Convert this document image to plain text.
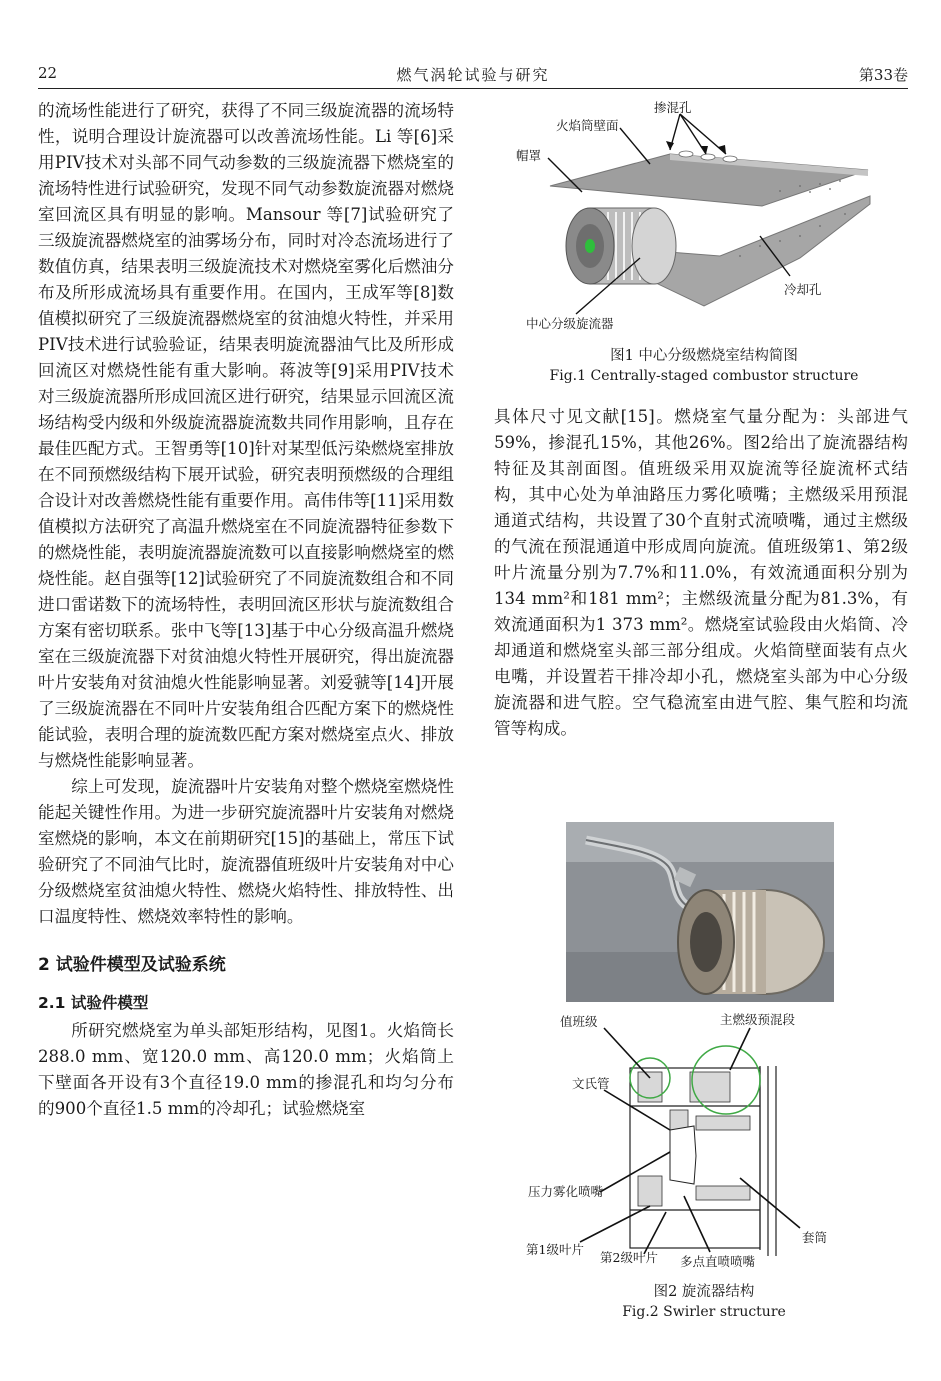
22	燃气涡轮试验与研究	第33卷

的流场性能进行了研究，获得了不同三级旋流器的流场特性，说明合理设计旋流器可以改善流场性能。Li 等[6]采用PIV技术对头部不同气动参数的三级旋流器下燃烧室的流场特性进行试验研究，发现不同气动参数旋流器对燃烧室回流区具有明显的影响。Mansour 等[7]试验研究了三级旋流器燃烧室的油雾场分布，同时对冷态流场进行了数值仿真，结果表明三级旋流技术对燃烧室雾化后燃油分布及所形成流场具有重要作用。在国内，王成军等[8]数值模拟研究了三级旋流器燃烧室的贫油熄火特性，并采用PIV技术进行试验验证，结果表明旋流器油气比及所形成回流区对燃烧性能有重大影响。蒋波等[9]采用PIV技术对三级旋流器所形成回流区进行研究，结果显示回流区流场结构受内级和外级旋流器旋流数共同作用影响，且存在最佳匹配方式。王智勇等[10]针对某型低污染燃烧室排放在不同预燃级结构下展开试验，研究表明预燃级的合理组合设计对改善燃烧性能有重要作用。高伟伟等[11]采用数值模拟方法研究了高温升燃烧室在不同旋流器特征参数下的燃烧性能，表明旋流器旋流数可以直接影响燃烧室的燃烧性能。赵自强等[12]试验研究了不同旋流数组合和不同进口雷诺数下的流场特性，表明回流区形状与旋流数组合方案有密切联系。张中飞等[13]基于中心分级高温升燃烧室在三级旋流器下对贫油熄火特性开展研究，得出旋流器叶片安装角对贫油熄火性能影响显著。刘爱虢等[14]开展了三级旋流器在不同叶片安装角组合匹配方案下的燃烧性能试验，表明合理的旋流数匹配方案对燃烧室点火、排放与燃烧性能影响显著。

综上可发现，旋流器叶片安装角对整个燃烧室燃烧性能起关键性作用。为进一步研究旋流器叶片安装角对燃烧室燃烧的影响，本文在前期研究[15]的基础上，常压下试验研究了不同油气比时，旋流器值班级叶片安装角对中心分级燃烧室贫油熄火特性、燃烧火焰特性、排放特性、出口温度特性、燃烧效率特性的影响。

2 试验件模型及试验系统
2.1 试验件模型

所研究燃烧室为单头部矩形结构，见图1。火焰筒长288.0 mm、宽120.0 mm、高120.0 mm；火焰筒上下壁面各开设有3个直径19.0 mm的掺混孔和均匀分布的900个直径1.5 mm的冷却孔；试验燃烧室

掺混孔
火焰筒壁面
帽罩
冷却孔
中心分级旋流器
图1 中心分级燃烧室结构简图
Fig.1 Centrally-staged combustor structure

具体尺寸见文献[15]。燃烧室气量分配为：头部进气59%，掺混孔15%，其他26%。图2给出了旋流器结构特征及其剖面图。值班级采用双旋流等径旋流杯式结构，其中心处为单油路压力雾化喷嘴；主燃级采用预混通道式结构，共设置了30个直射式流喷嘴，通过主燃级的气流在预混通道中形成周向旋流。值班级第1、第2级叶片流量分别为7.7%和11.0%，有效流通面积分别为134 mm²和181 mm²；主燃级流量分配为81.3%，有效流通面积为1 373 mm²。燃烧室试验段由火焰筒、冷却通道和燃烧室头部三部分组成。火焰筒壁面装有点火电嘴，并设置若干排冷却小孔，燃烧室头部为中心分级旋流器和进气腔。空气稳流室由进气腔、集气腔和均流管等构成。

值班级	主燃级预混段
文氏管
压力雾化喷嘴
套筒
第1级叶片
第2级叶片 多点直喷喷嘴
图2 旋流器结构
Fig.2 Swirler structure
